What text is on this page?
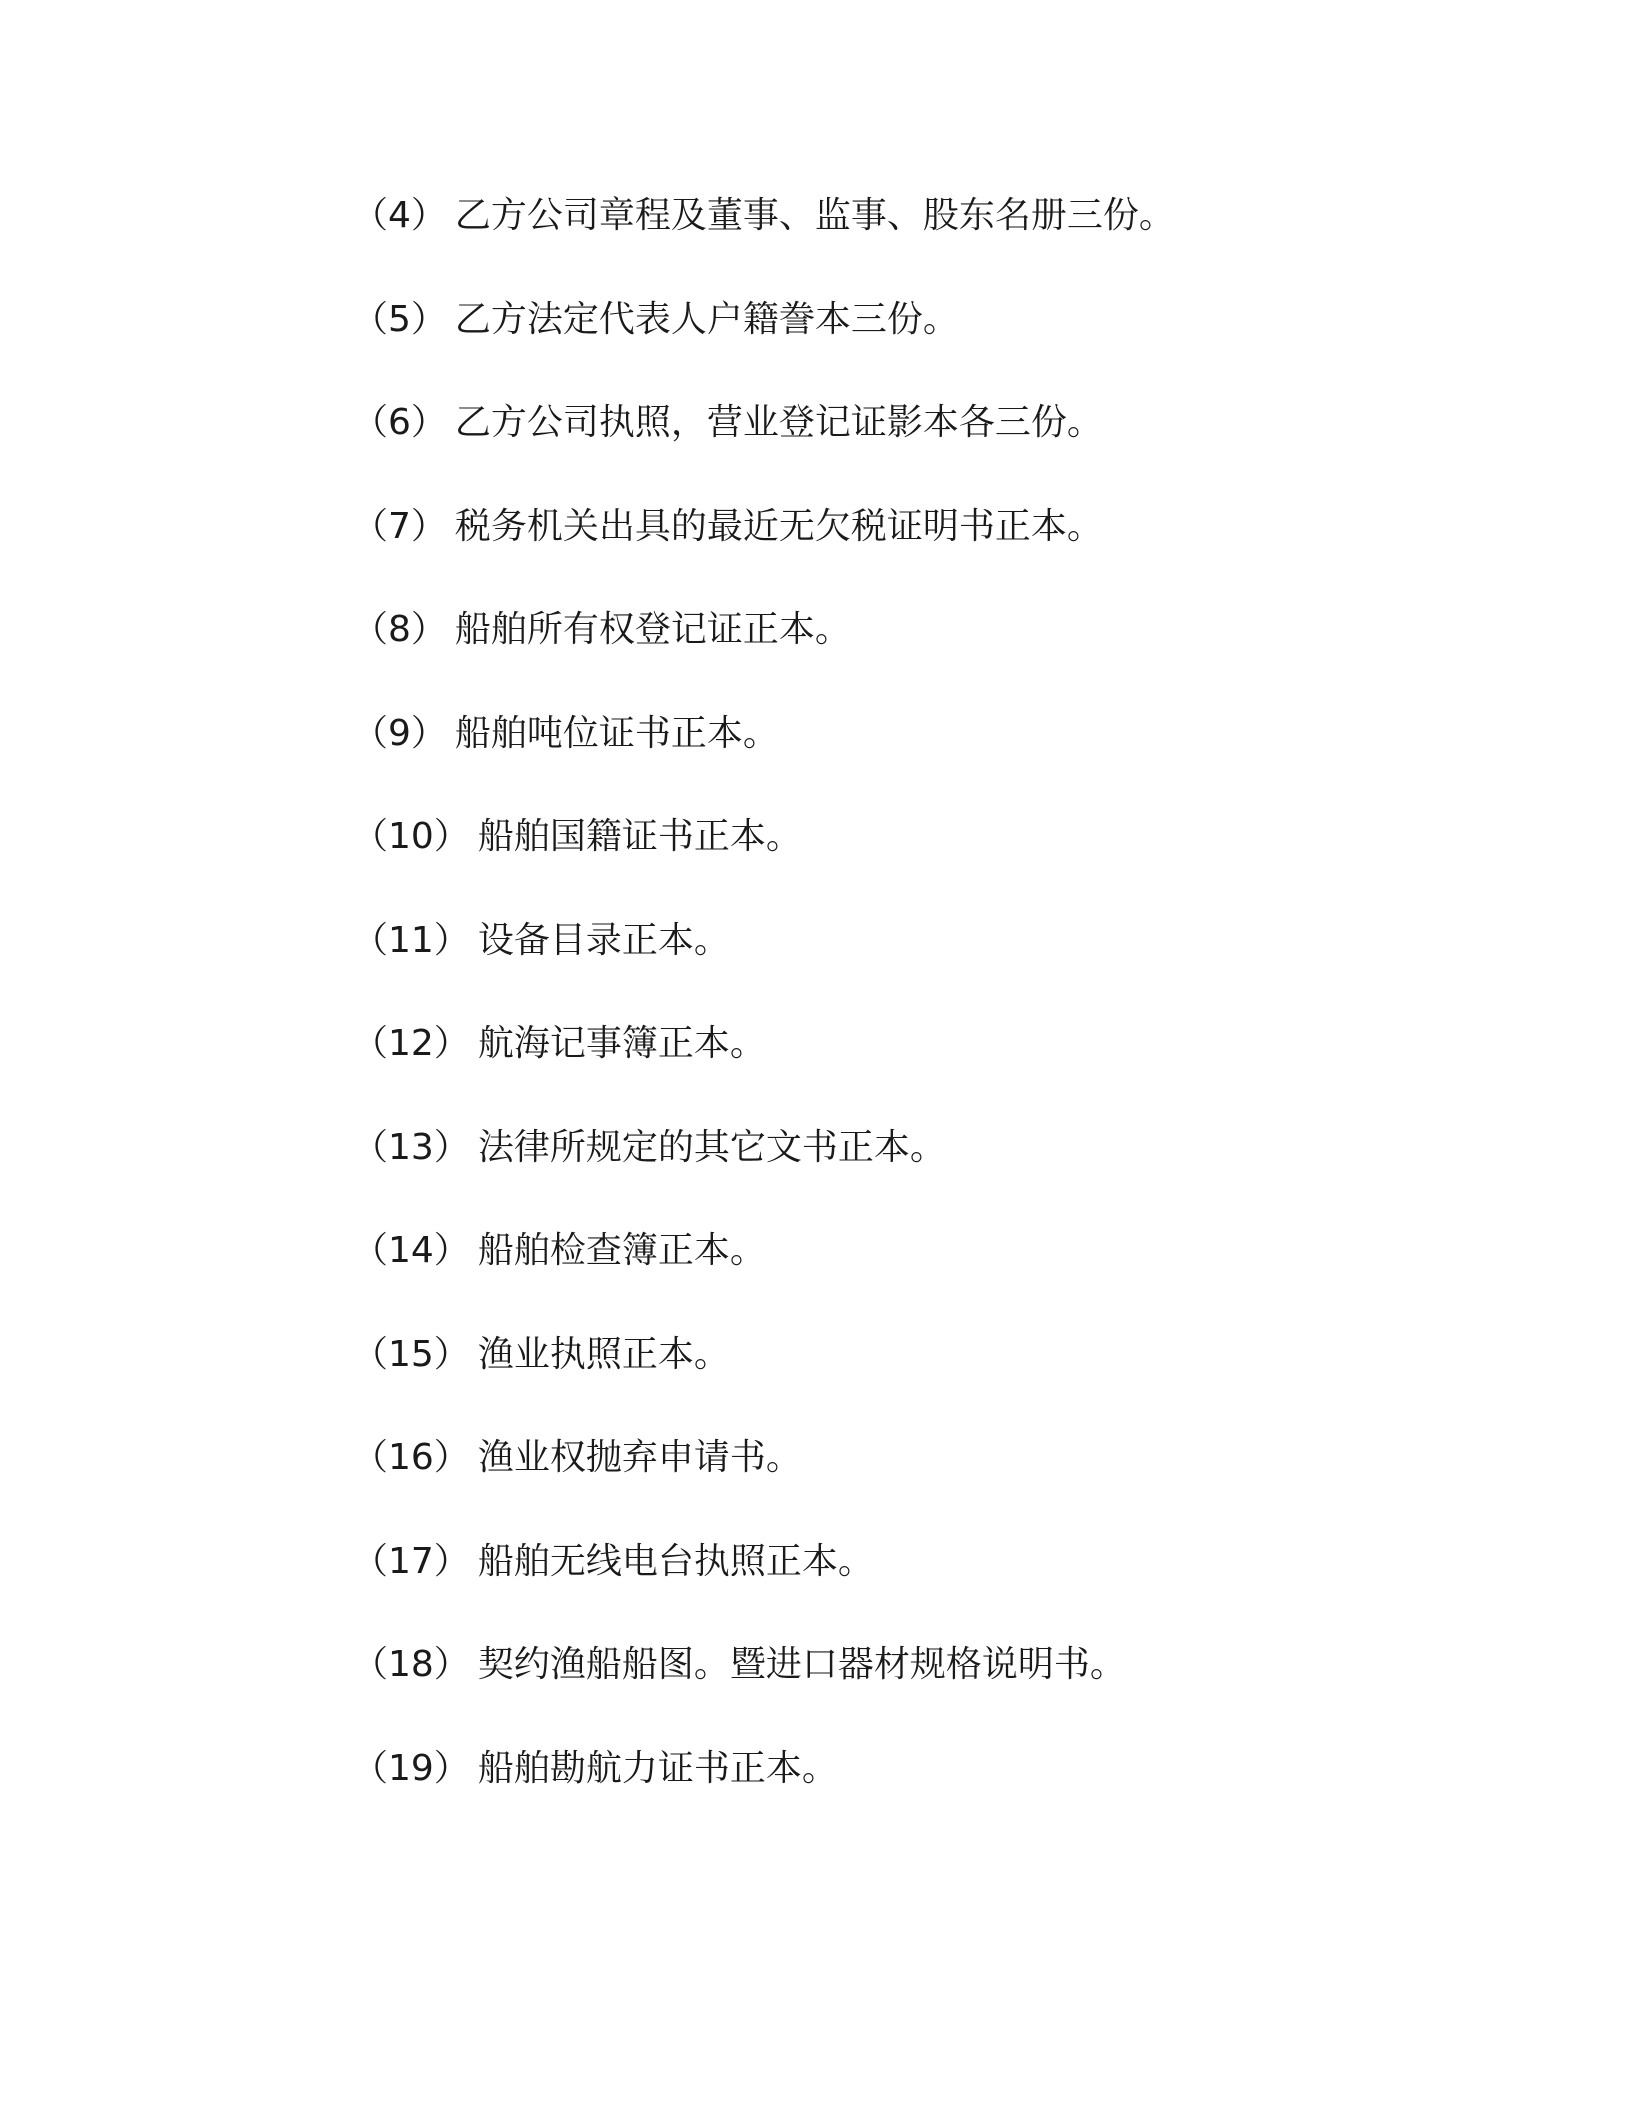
（4） 乙方公司章程及董事、监事、股东名册三份。
（5） 乙方法定代表人户籍誊本三份。
（6） 乙方公司执照，营业登记证影本各三份。
（7） 税务机关出具的最近无欠税证明书正本。
（8） 船舶所有权登记证正本。
（9） 船舶吨位证书正本。
（10） 船舶国籍证书正本。
（11） 设备目录正本。
（12） 航海记事簿正本。
（13） 法律所规定的其它文书正本。
（14） 船舶检查簿正本。
（15） 渔业执照正本。
（16） 渔业权抛弃申请书。
（17） 船舶无线电台执照正本。
（18） 契约渔船船图。暨进口器材规格说明书。
（19） 船舶勘航力证书正本。
